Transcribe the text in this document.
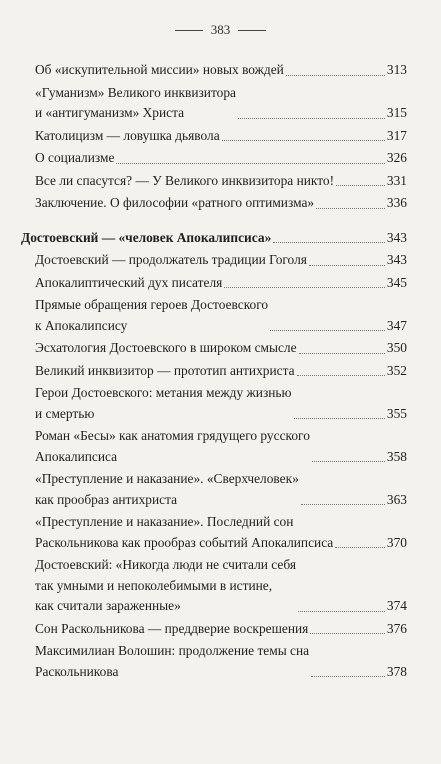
383
Об «искупительной миссии» новых вождей	313
«Гуманизм» Великого инквизитора
и «антигуманизм» Христа	315
Католицизм — ловушка дьявола	317
О социализме	326
Все ли спасутся? — У Великого инквизитора никто!	331
Заключение. О философии «ратного оптимизма»	336
Достоевский — «человек Апокалипсиса»	343
Достоевский — продолжатель традиции Гоголя	343
Апокалиптический дух писателя	345
Прямые обращения героев Достоевского
к Апокалипсису	347
Эсхатология Достоевского в широком смысле	350
Великий инквизитор — прототип антихриста	352
Герои Достоевского: метания между жизнью
и смертью	355
Роман «Бесы» как анатомия грядущего русского
Апокалипсиса	358
«Преступление и наказание». «Сверхчеловек»
как прообраз антихриста	363
«Преступление и наказание». Последний сон
Раскольникова как прообраз событий Апокалипсиса	370
Достоевский: «Никогда люди не считали себя
так умными и непоколебимыми в истине,
как считали зараженные»	374
Сон Раскольникова — преддверие воскрешения	376
Максимилиан Волошин: продолжение темы сна
Раскольникова	378
